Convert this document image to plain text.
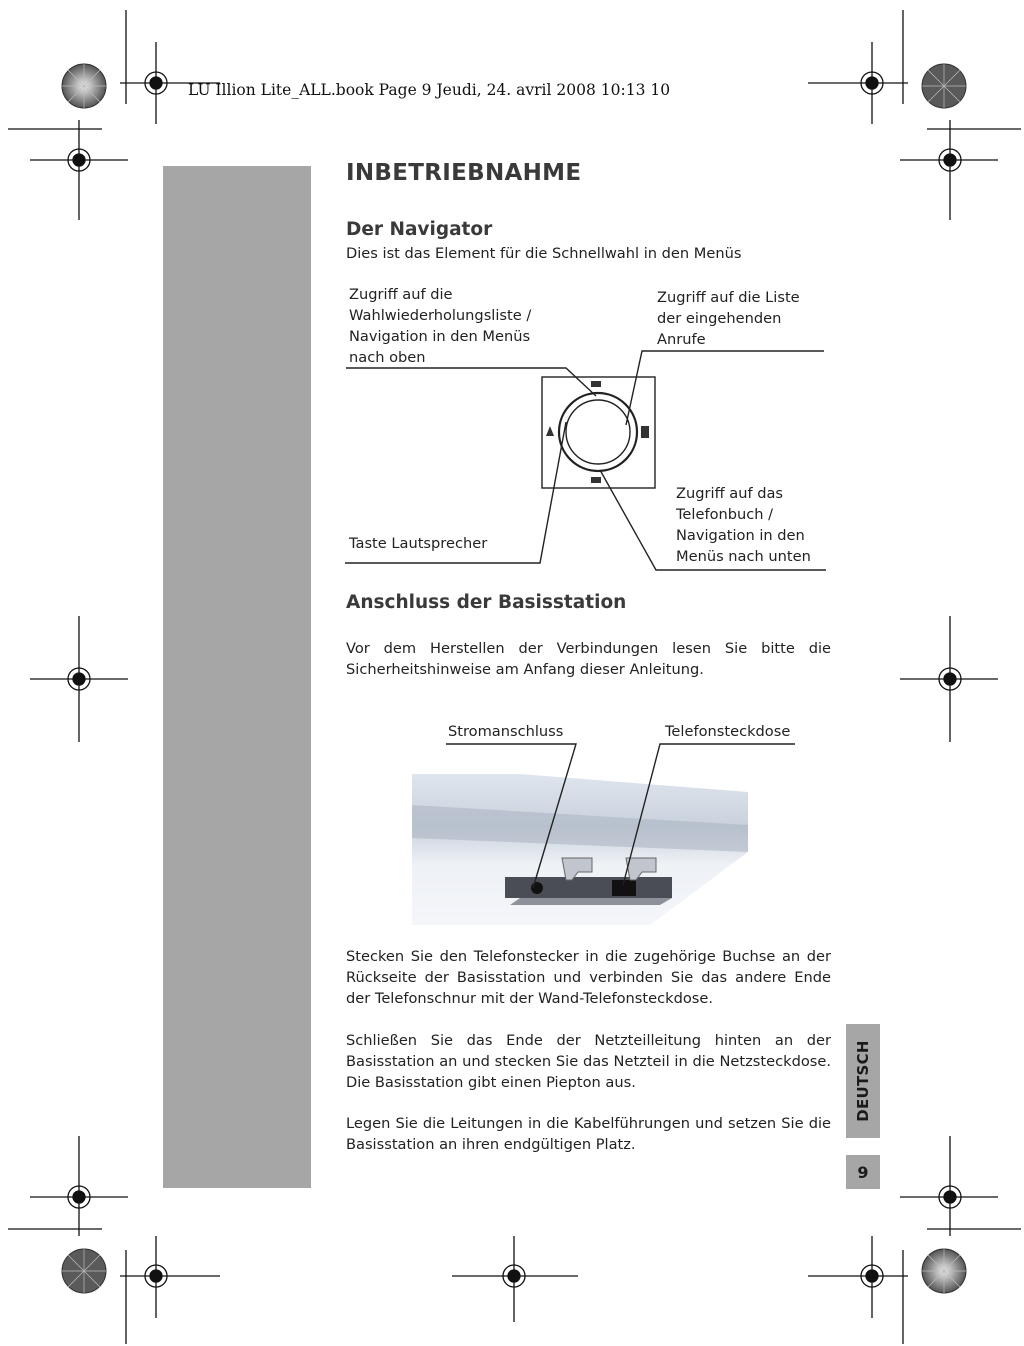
LU Illion Lite_ALL.book Page 9 Jeudi, 24. avril 2008 10:13 10
INBETRIEBNAHME
Der Navigator
Dies ist das Element für die Schnellwahl in den Menüs
Zugriff auf die
Wahlwiederholungsliste /
Navigation in den Menüs
nach oben
Zugriff auf die Liste
der eingehenden
Anrufe
Zugriff auf das
Telefonbuch /
Navigation in den
Menüs nach unten
Taste Lautsprecher
Anschluss der Basisstation
Vor dem Herstellen der Verbindungen lesen Sie bitte die Sicherheitshinweise am Anfang dieser Anleitung.
Stromanschluss	Telefonsteckdose
Stecken Sie den Telefonstecker in die zugehörige Buchse an der Rückseite der Basisstation und verbinden Sie das andere Ende der Telefonschnur mit der Wand-Telefonsteckdose.
Schließen Sie das Ende der Netzteilleitung hinten an der Basisstation an und stecken Sie das Netzteil in die Netzsteckdose. Die Basisstation gibt einen Piepton aus.
Legen Sie die Leitungen in die Kabelführungen und setzen Sie die Basisstation an ihren endgültigen Platz.
DEUTSCH
9
